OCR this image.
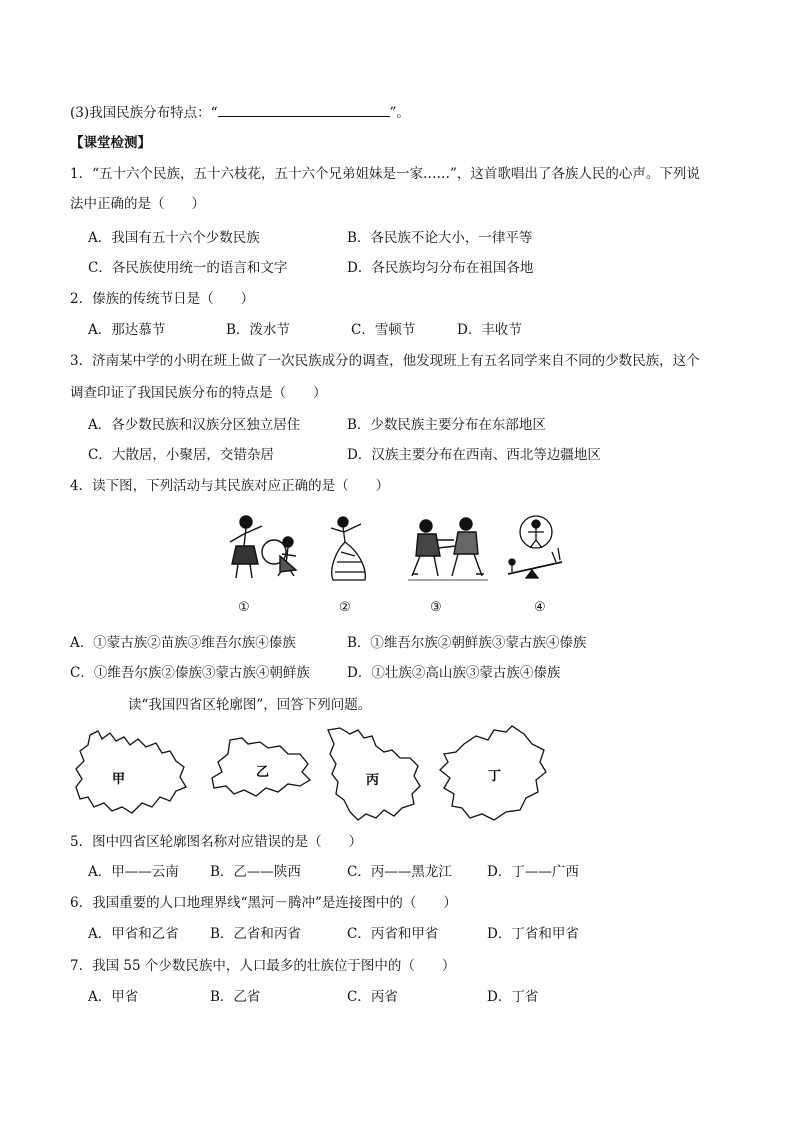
(3)我国民族分布特点：“	”。
【课堂检测】
1．“五十六个民族，五十六枝花，五十六个兄弟姐妹是一家……”，这首歌唱出了各族人民的心声。下列说
法中正确的是（　　）
A．我国有五十六个少数民族	B．各民族不论大小，一律平等
C．各民族使用统一的语言和文字	D．各民族均匀分布在祖国各地
2．傣族的传统节日是（　　）
A．那达慕节	B．泼水节	C．雪顿节	D．丰收节
3．济南某中学的小明在班上做了一次民族成分的调查，他发现班上有五名同学来自不同的少数民族，这个
调查印证了我国民族分布的特点是（　　）
A．各少数民族和汉族分区独立居住	B．少数民族主要分布在东部地区
C．大散居，小聚居，交错杂居	D．汉族主要分布在西南、西北等边疆地区
4．读下图，下列活动与其民族对应正确的是（　　）
①	②	③	④
A．①蒙古族②苗族③维吾尔族④傣族	B．①维吾尔族②朝鲜族③蒙古族④傣族
C．①维吾尔族②傣族③蒙古族④朝鲜族	D．①壮族②高山族③蒙古族④傣族
读“我国四省区轮廓图”，回答下列问题。
甲	乙
丙	丁
5．图中四省区轮廓图名称对应错误的是（　　）
A．甲——云南 B．乙——陕西	C．丙——黑龙江	D．丁——广西
6．我国重要的人口地理界线“黑河－腾冲”是连接图中的（　　）
A．甲省和乙省 B．乙省和丙省	C．丙省和甲省	D．丁省和甲省
7．我国 55 个少数民族中，人口最多的壮族位于图中的（　　）
A．甲省	B．乙省	C．丙省	D．丁省
